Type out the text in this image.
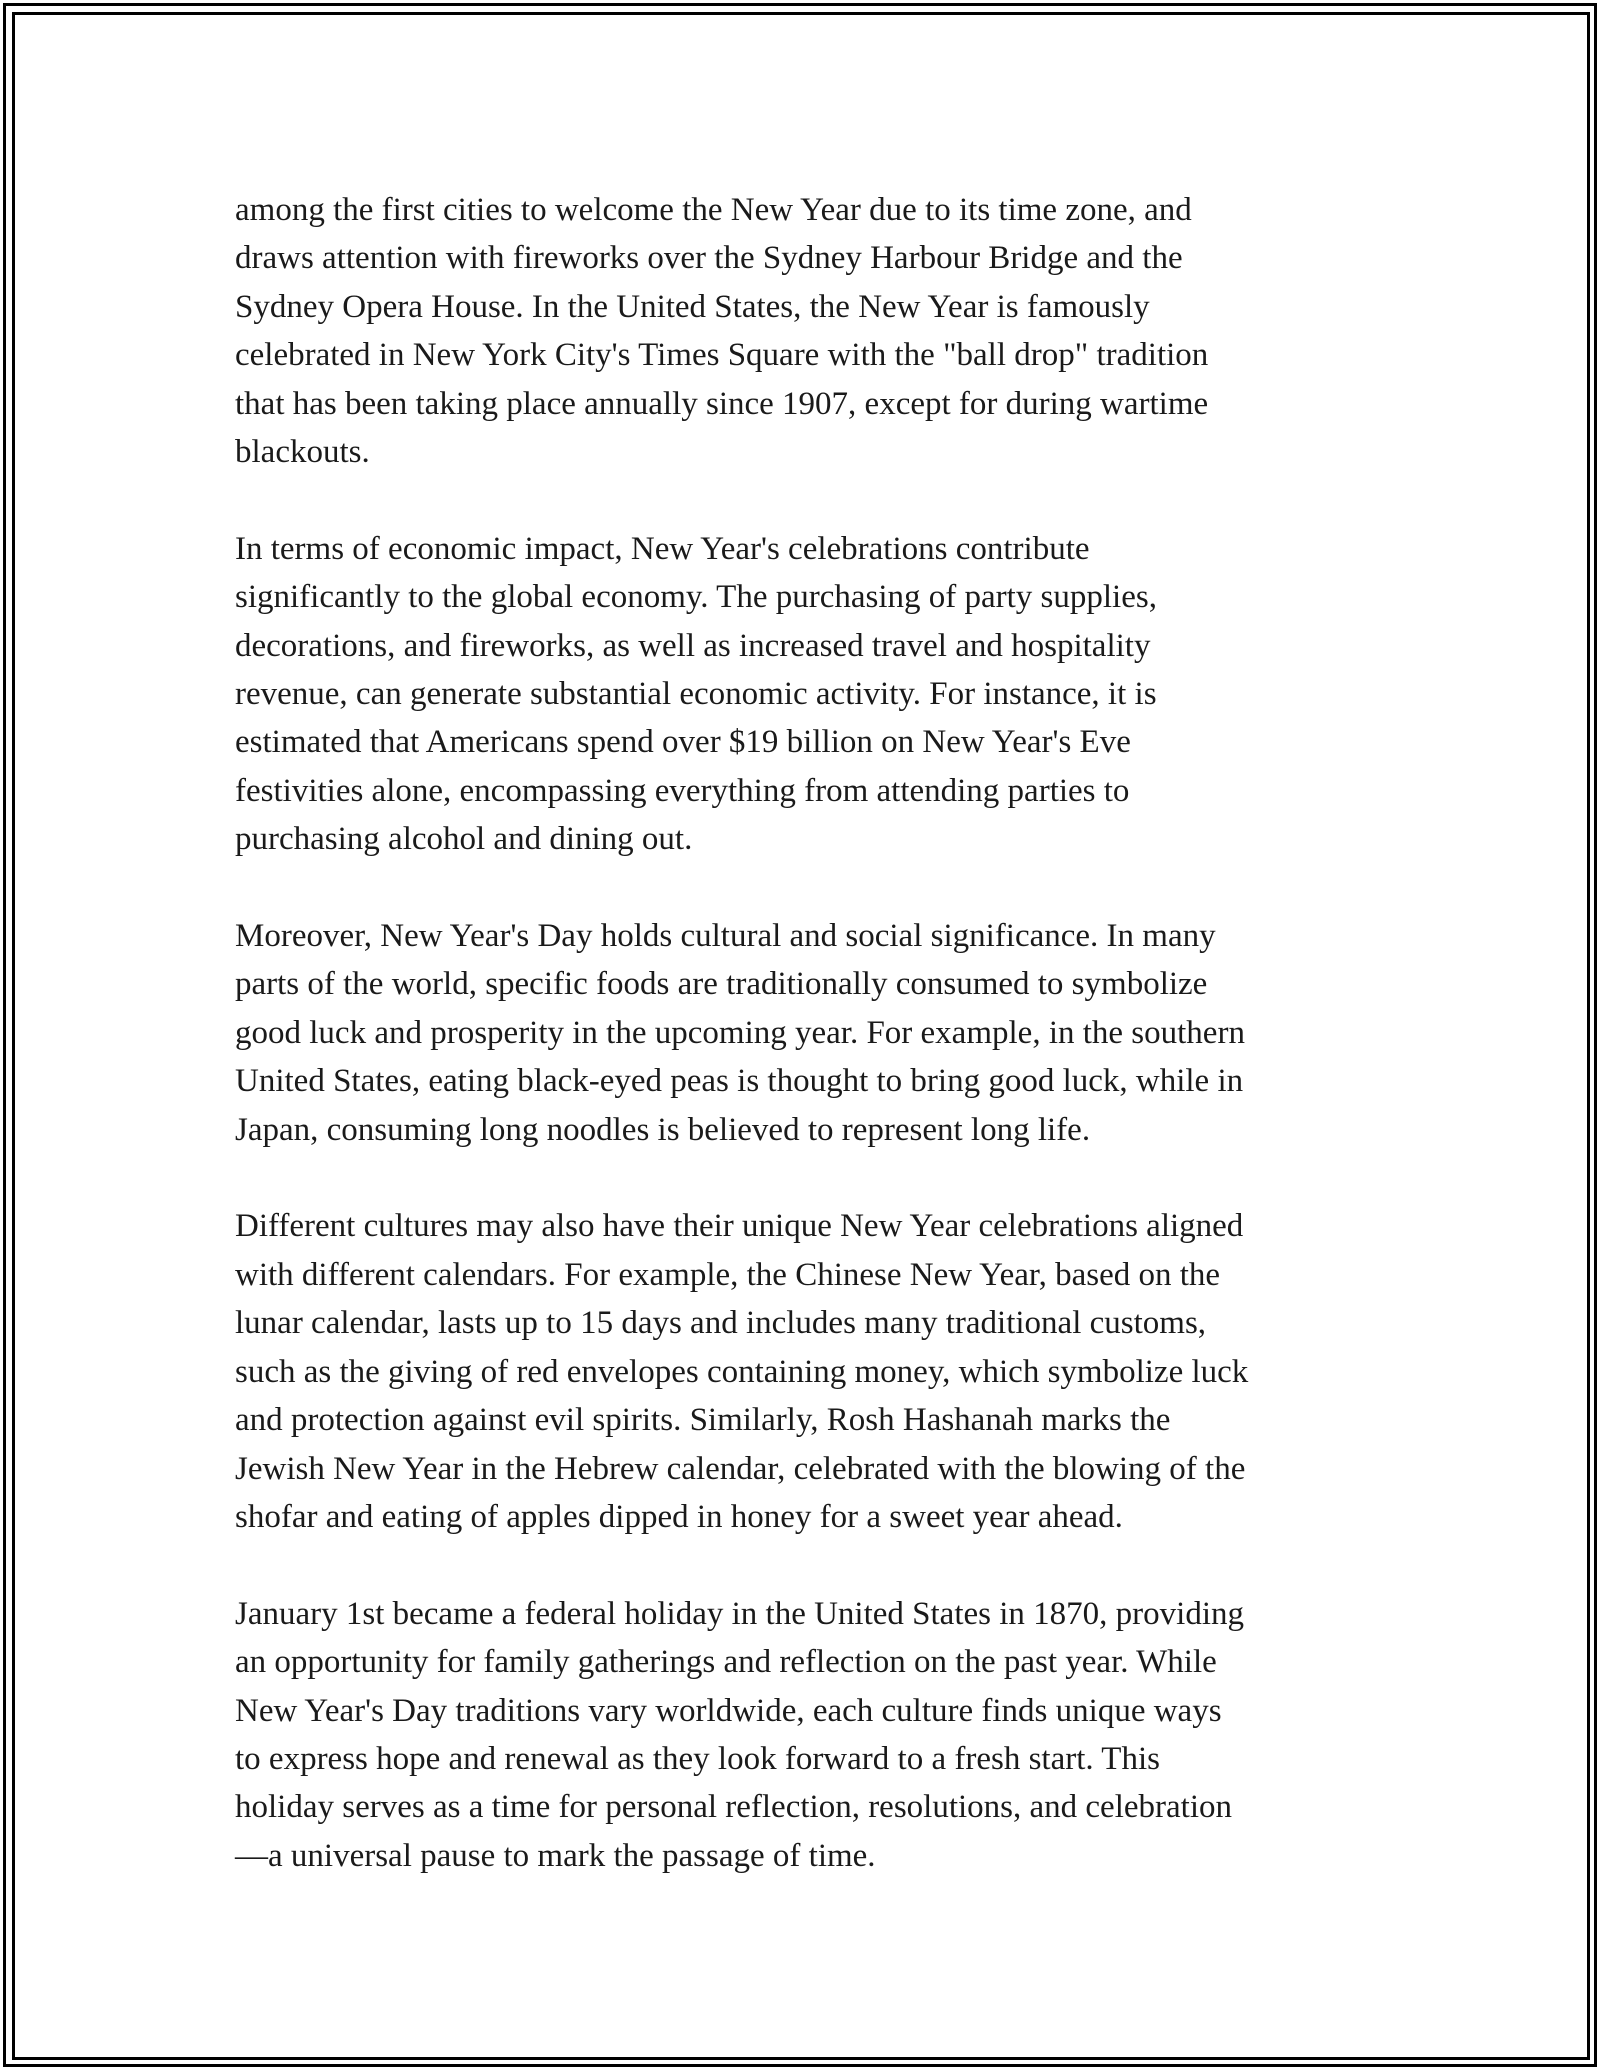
among the first cities to welcome the New Year due to its time zone, and
draws attention with fireworks over the Sydney Harbour Bridge and the
Sydney Opera House. In the United States, the New Year is famously
celebrated in New York City's Times Square with the "ball drop" tradition
that has been taking place annually since 1907, except for during wartime
blackouts.

In terms of economic impact, New Year's celebrations contribute
significantly to the global economy. The purchasing of party supplies,
decorations, and fireworks, as well as increased travel and hospitality
revenue, can generate substantial economic activity. For instance, it is
estimated that Americans spend over $19 billion on New Year's Eve
festivities alone, encompassing everything from attending parties to
purchasing alcohol and dining out.

Moreover, New Year's Day holds cultural and social significance. In many
parts of the world, specific foods are traditionally consumed to symbolize
good luck and prosperity in the upcoming year. For example, in the southern
United States, eating black-eyed peas is thought to bring good luck, while in
Japan, consuming long noodles is believed to represent long life.

Different cultures may also have their unique New Year celebrations aligned
with different calendars. For example, the Chinese New Year, based on the
lunar calendar, lasts up to 15 days and includes many traditional customs,
such as the giving of red envelopes containing money, which symbolize luck
and protection against evil spirits. Similarly, Rosh Hashanah marks the
Jewish New Year in the Hebrew calendar, celebrated with the blowing of the
shofar and eating of apples dipped in honey for a sweet year ahead.

January 1st became a federal holiday in the United States in 1870, providing
an opportunity for family gatherings and reflection on the past year. While
New Year's Day traditions vary worldwide, each culture finds unique ways
to express hope and renewal as they look forward to a fresh start. This
holiday serves as a time for personal reflection, resolutions, and celebration
—a universal pause to mark the passage of time.
